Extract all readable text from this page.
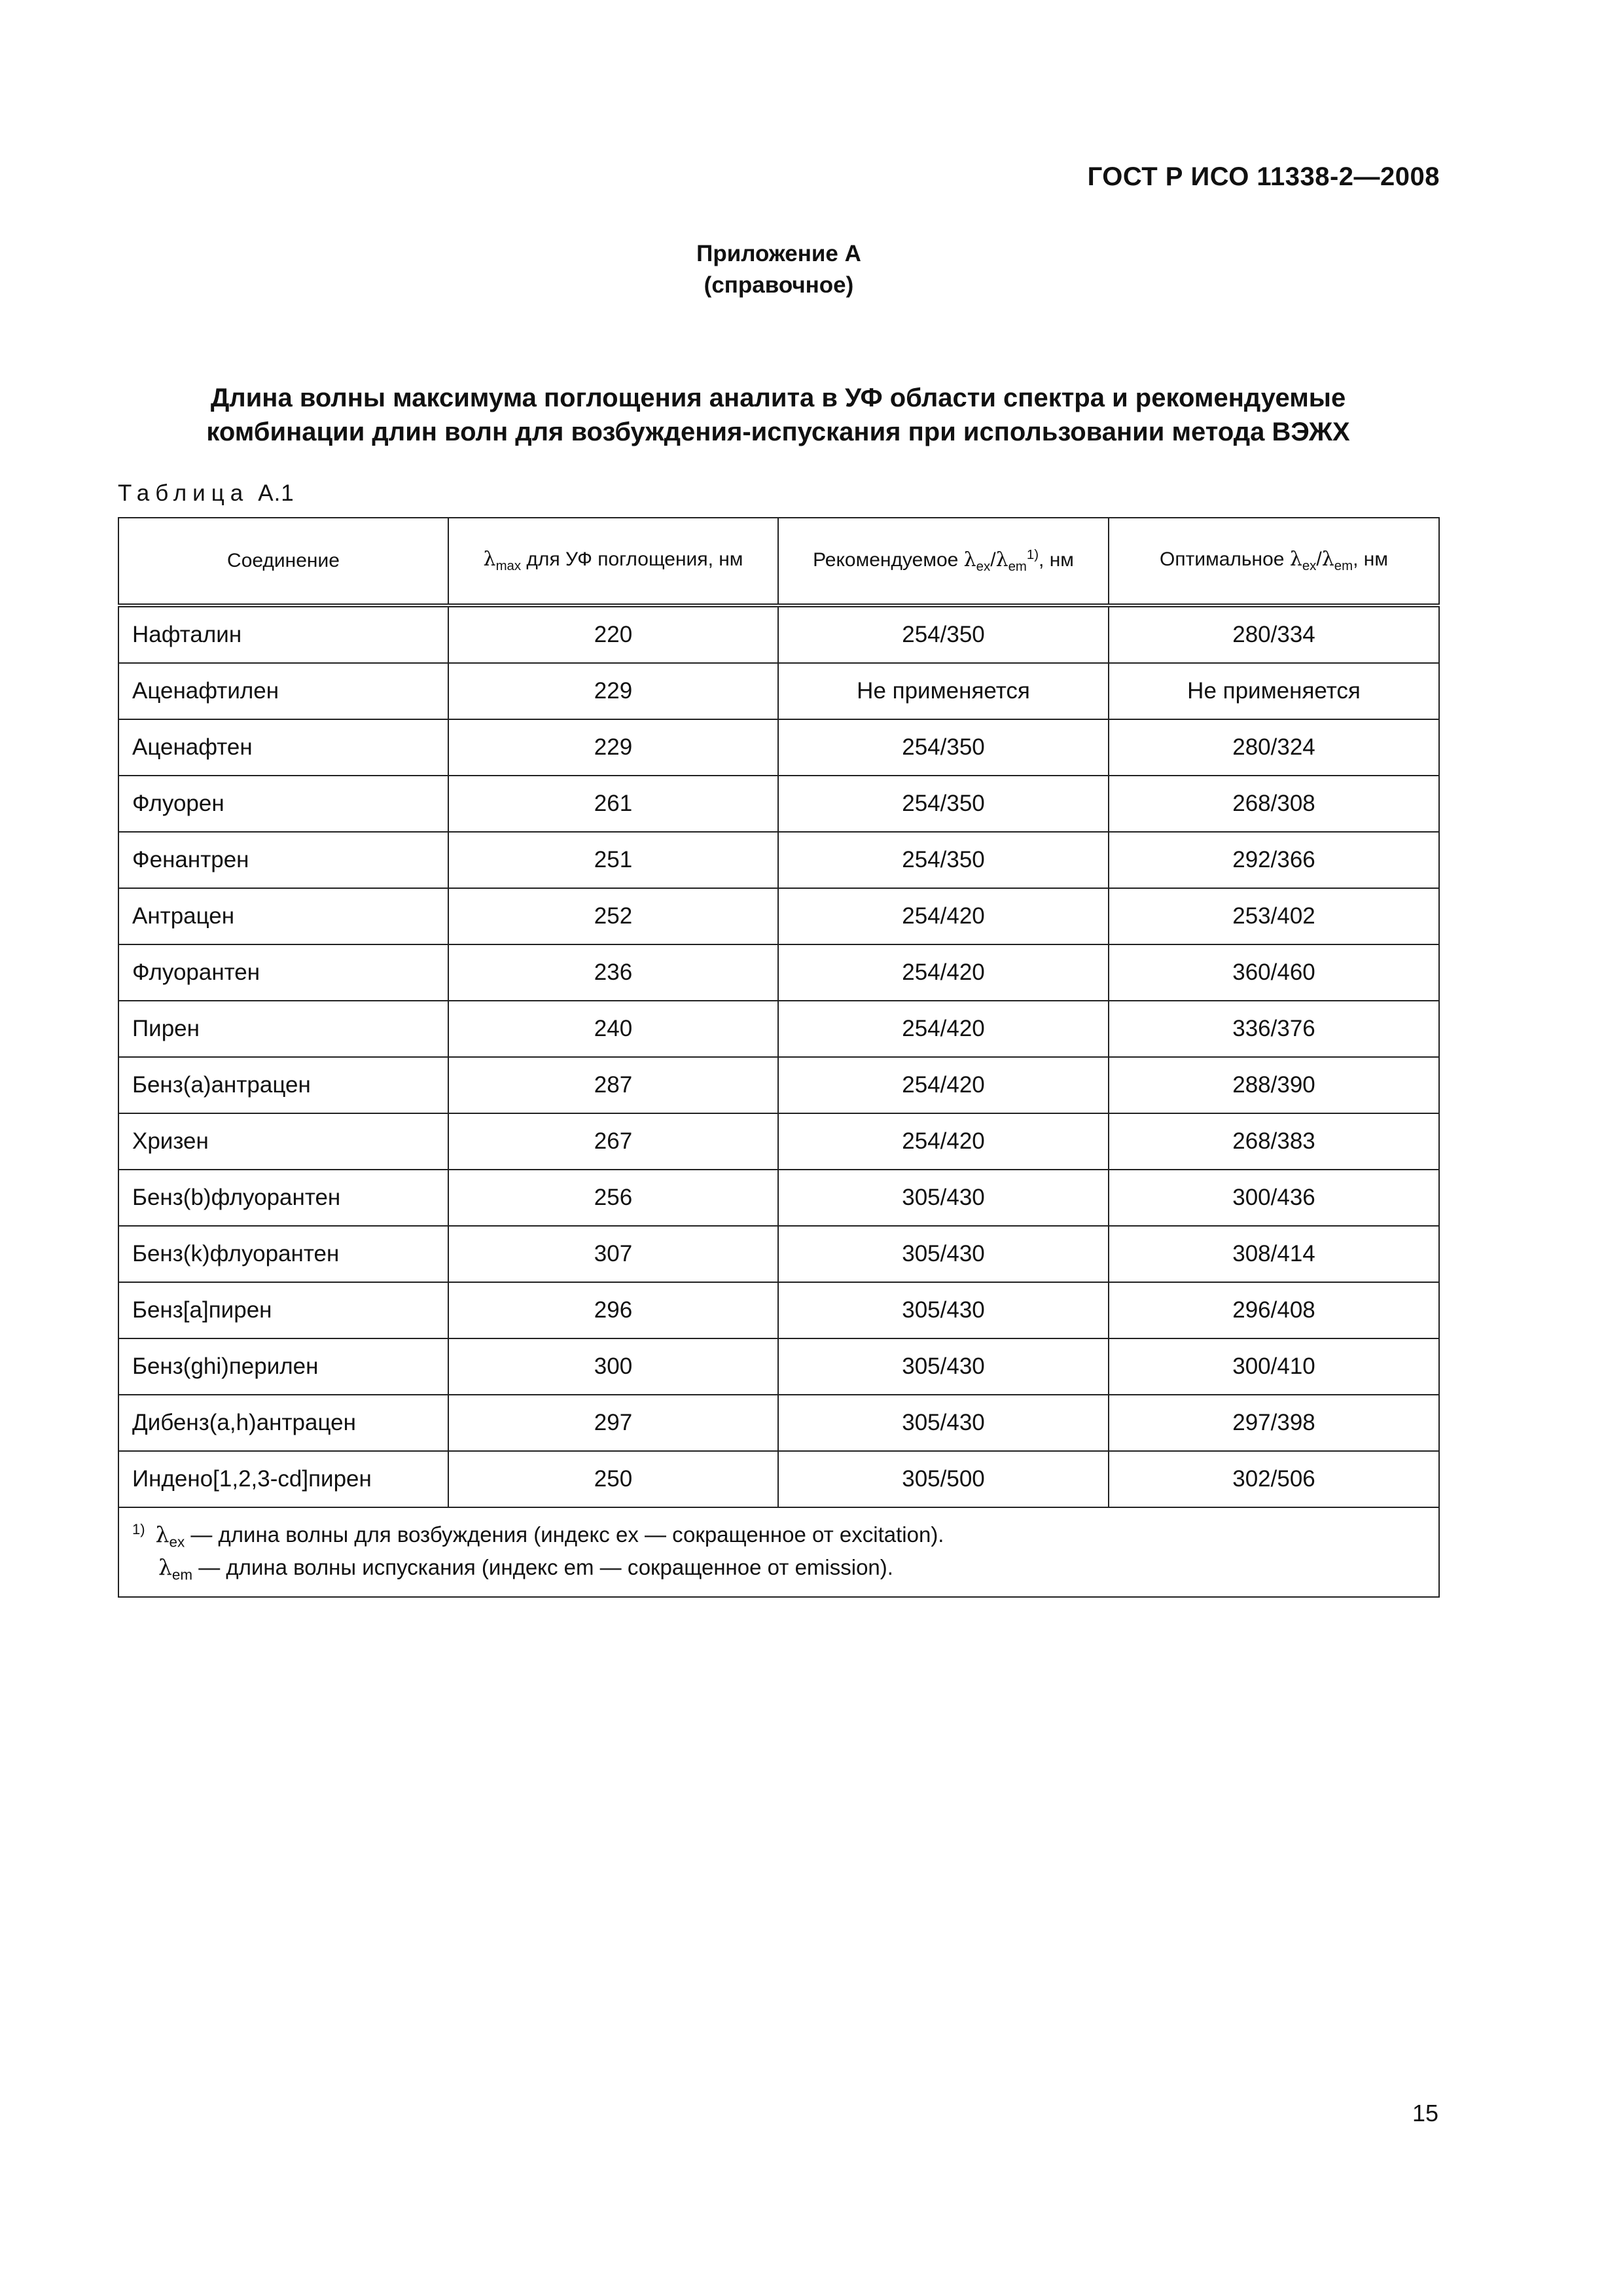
ГОСТ Р ИСО 11338-2—2008
Приложение А
(справочное)
Длина волны максимума поглощения аналита в УФ области спектра и рекомендуемые
комбинации длин волн для возбуждения-испускания при использовании метода ВЭЖХ
Таблица А.1
Соединение	$\lambda_{max}$ для УФ поглощения, нм	Рекомендуемое $\lambda_{ex}/\lambda_{em}^{1)}$, нм	Оптимальное $\lambda_{ex}/\lambda_{em}$, нм
Нафталин	220	254/350	280/334
Аценафтилен	229	Не применяется	Не применяется
Аценафтен	229	254/350	280/324
Флуорен	261	254/350	268/308
Фенантрен	251	254/350	292/366
Антрацен	252	254/420	253/402
Флуорантен	236	254/420	360/460
Пирен	240	254/420	336/376
Бенз(а)антрацен	287	254/420	288/390
Хризен	267	254/420	268/383
Бенз(b)флуорантен	256	305/430	300/436
Бенз(k)флуорантен	307	305/430	308/414
Бенз[a]пирен	296	305/430	296/408
Бенз(ghi)перилен	300	305/430	300/410
Дибенз(a,h)антрацен	297	305/430	297/398
Индено[1,2,3-cd]пирен	250	305/500	302/506

$^{1)}$ $\lambda_{ex}$ — длина волны для возбуждения (индекс ex — сокращенное от excitation).
$\lambda_{em}$ — длина волны испускания (индекс em — сокращенное от emission).			
15
